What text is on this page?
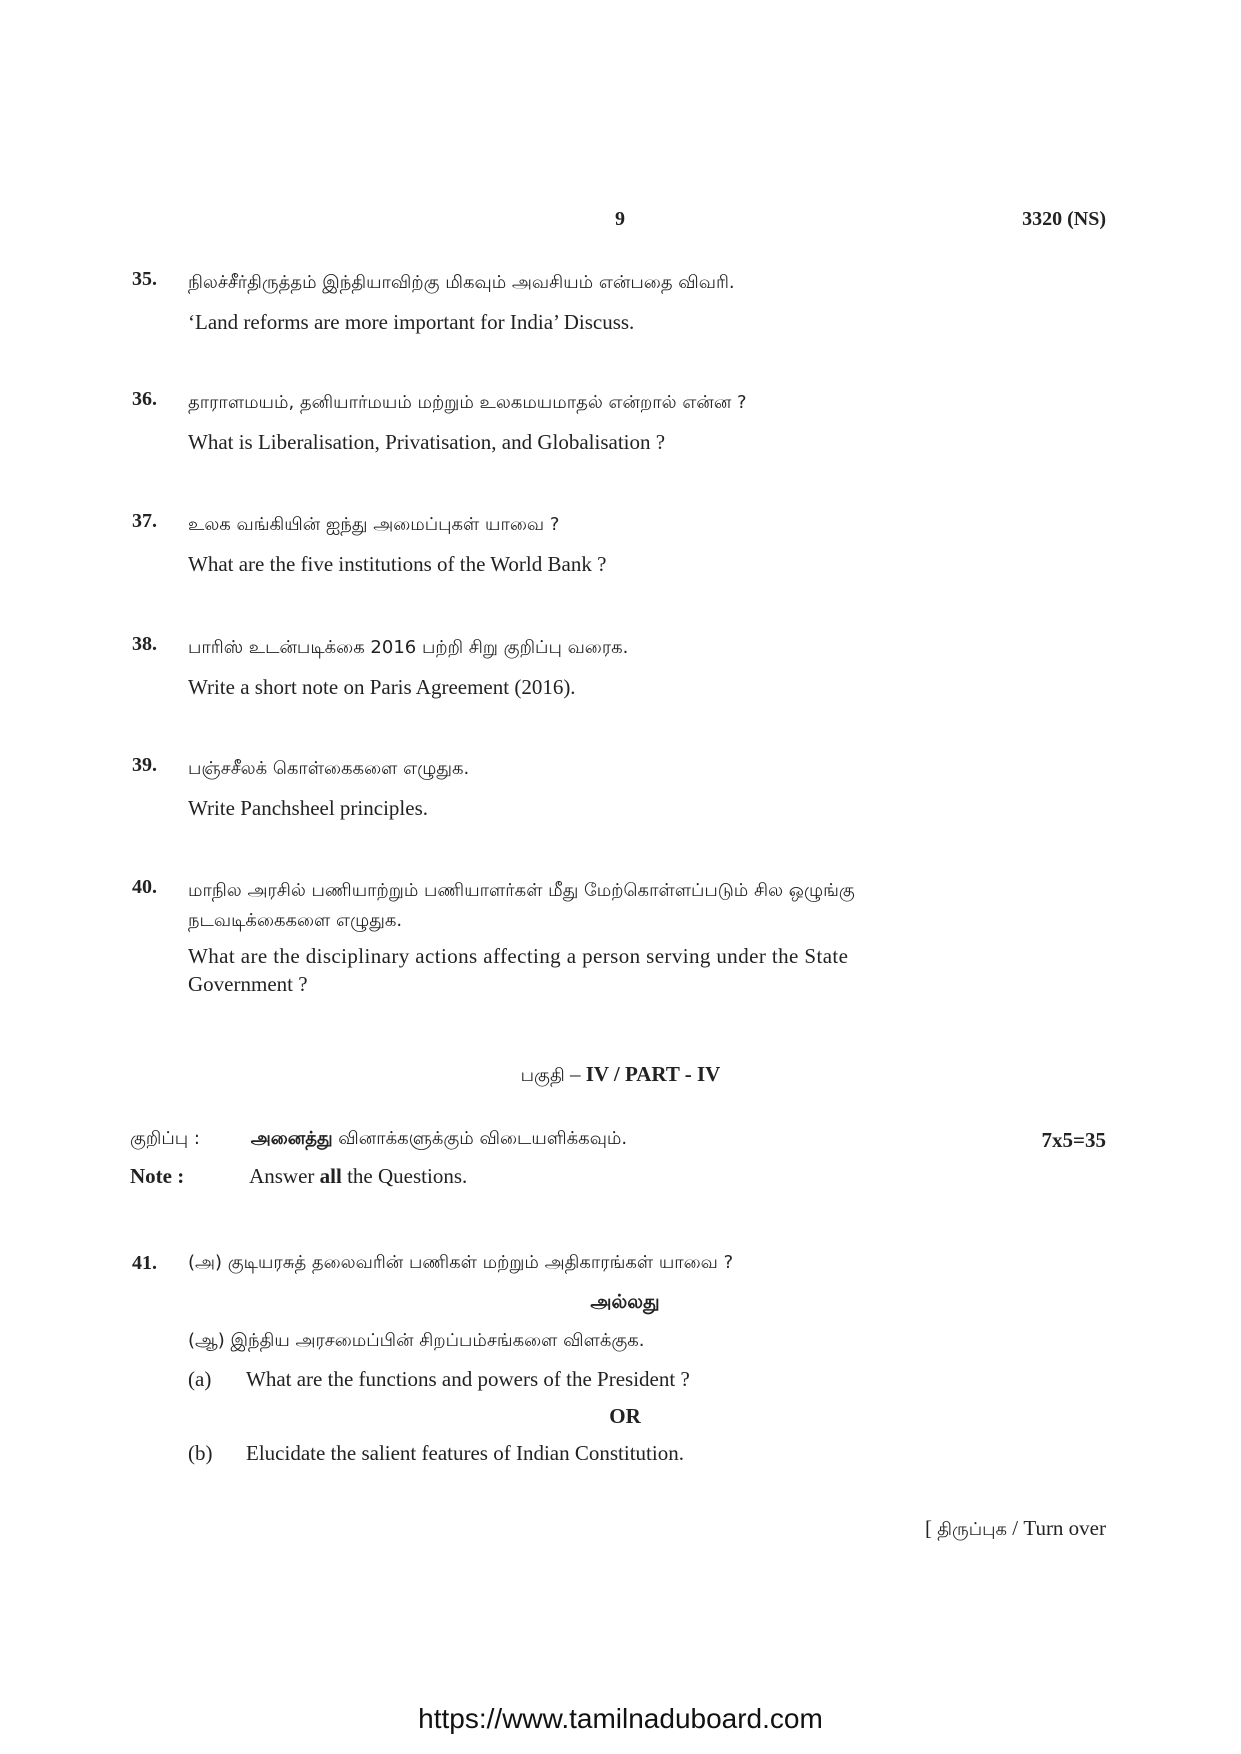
9	3320 (NS)
35.	நிலச்சீர்திருத்தம் இந்தியாவிற்கு மிகவும் அவசியம் என்பதை விவரி.

‘Land reforms are more important for India’ Discuss.

36.	தாராளமயம், தனியார்மயம் மற்றும் உலகமயமாதல் என்றால் என்ன ?

What is Liberalisation, Privatisation, and Globalisation ?

37.	உலக வங்கியின் ஐந்து அமைப்புகள் யாவை ?

What are the five institutions of the World Bank ?

38.	பாரிஸ் உடன்படிக்கை 2016 பற்றி சிறு குறிப்பு வரைக.

Write a short note on Paris Agreement (2016).

39.	பஞ்சசீலக் கொள்கைகளை எழுதுக.

Write Panchsheel principles.

40.	மாநில அரசில் பணியாற்றும் பணியாளர்கள் மீது மேற்கொள்ளப்படும் சில ஒழுங்கு

நடவடிக்கைகளை எழுதுக.

What are the disciplinary actions affecting a person serving under the State

Government ?

பகுதி – IV / PART - IV
குறிப்பு :	அனைத்து வினாக்களுக்கும் விடையளிக்கவும்.	7x5=35
Note :	Answer all the Questions.
41.	(அ) குடியரசுத் தலைவரின் பணிகள் மற்றும் அதிகாரங்கள் யாவை ?
அல்லது
(ஆ) இந்திய அரசமைப்பின் சிறப்பம்சங்களை விளக்குக.
(a) What are the functions and powers of the President ?
OR
(b) Elucidate the salient features of Indian Constitution.
[ திருப்புக / Turn over
https://www.tamilnaduboard.com
